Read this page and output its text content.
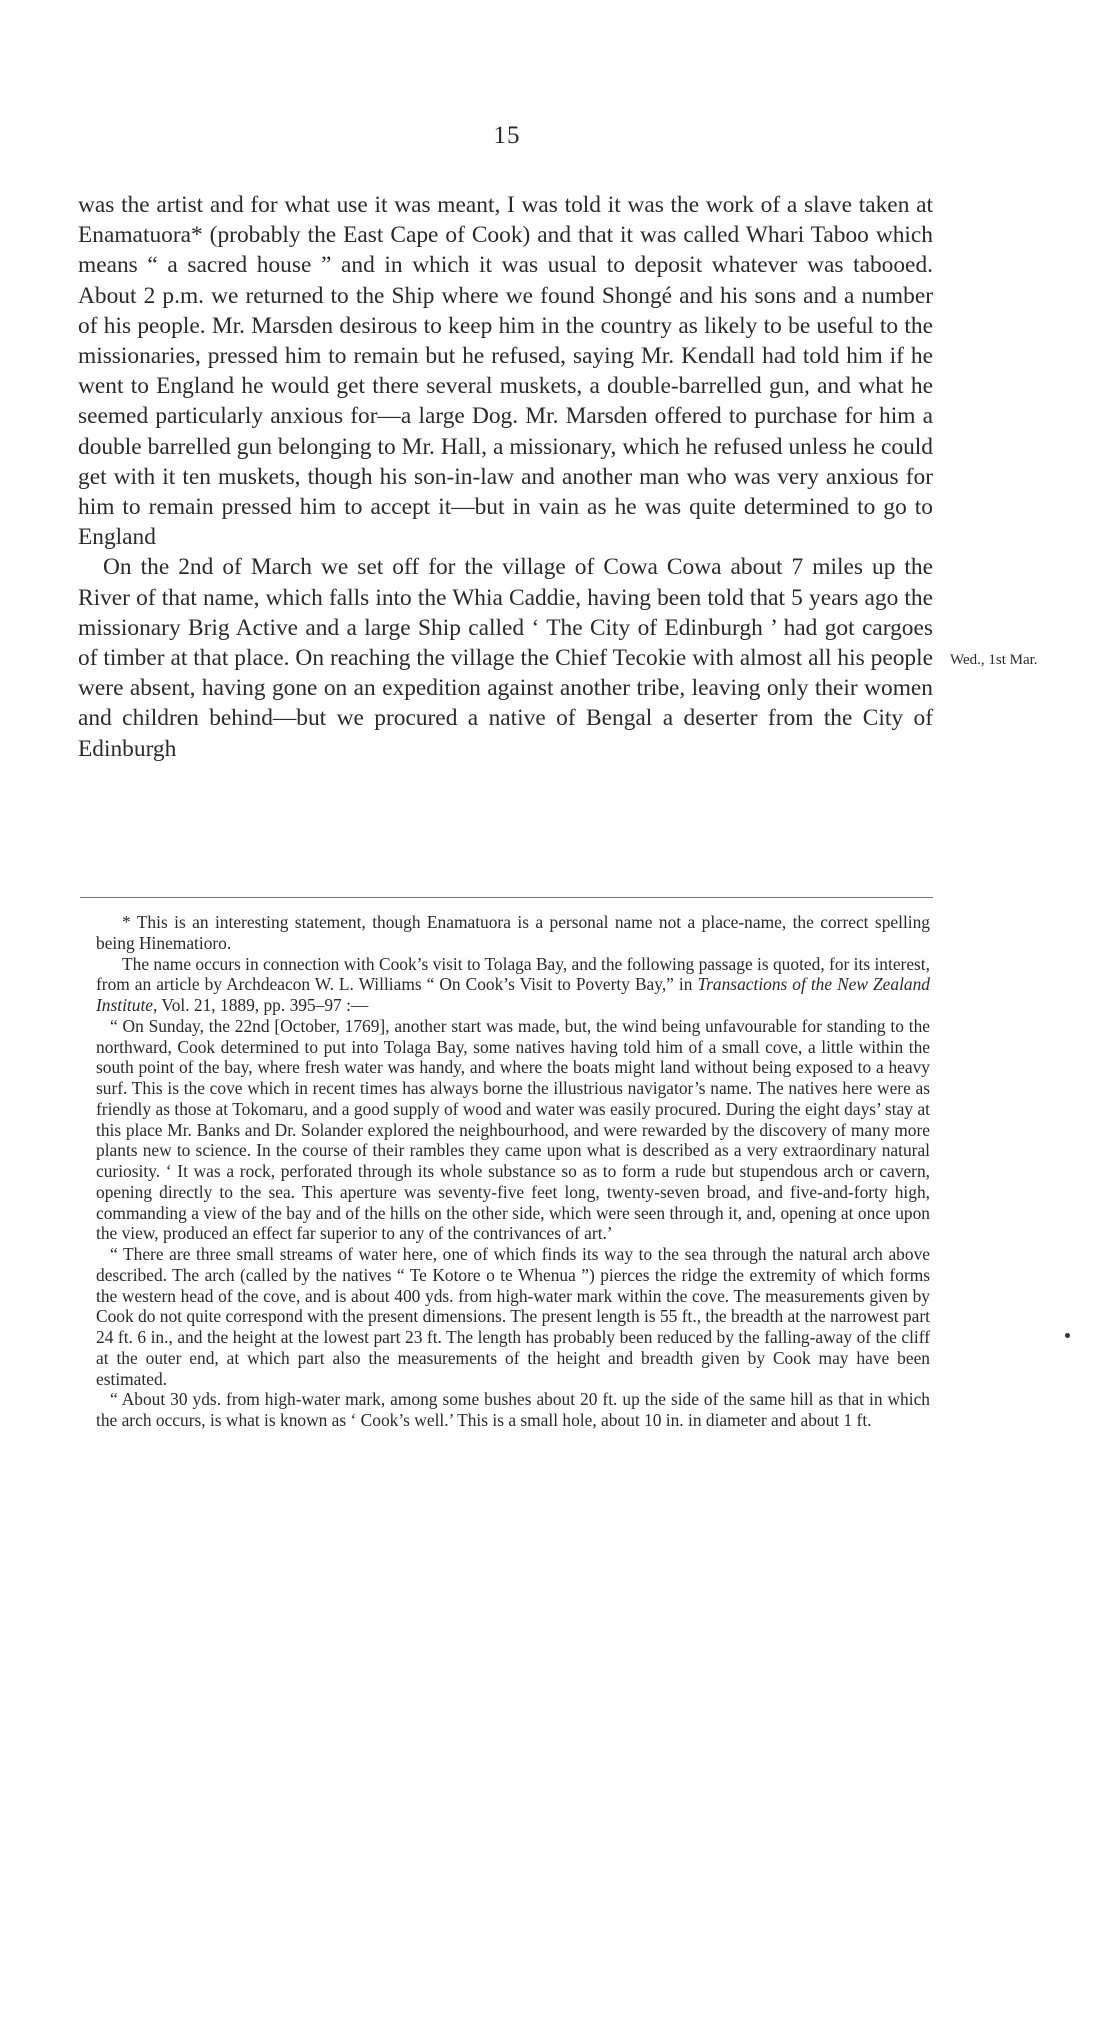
15

was the artist and for what use it was meant, I was told it was the work of a slave taken at Enamatuora* (probably the East Cape of Cook) and that it was called Whari Taboo which means “ a sacred house ” and in which it was usual to deposit whatever was tabooed. About 2 p.m. we returned to the Ship where we found Shongé and his sons and a number of his people. Mr. Marsden desirous to keep him in the country as likely to be useful to the missionaries, pressed him to remain but he refused, saying Mr. Kendall had told him if he went to England he would get there several muskets, a double-barrelled gun, and what he seemed particularly anxious for—a large Dog. Mr. Marsden offered to purchase for him a double barrelled gun belonging to Mr. Hall, a missionary, which he refused unless he could get with it ten muskets, though his son-in-law and another man who was very anxious for him to remain pressed him to accept it—but in vain as he was quite determined to go to England

On the 2nd of March we set off for the village of Cowa Cowa about 7 miles up the River of that name, which falls into the Whia Caddie, having been told that 5 years ago the missionary Brig Active and a large Ship called ‘ The City of Edinburgh ’ had got cargoes of timber at that place. On reaching the village the Chief Tecokie with almost all his people were absent, having gone on an expedition against another tribe, leaving only their women and children behind—but we procured a native of Bengal a deserter from the City of Edinburgh

Wed., 1st Mar.

* This is an interesting statement, though Enamatuora is a personal name not a place-name, the correct spelling being Hinematioro.

The name occurs in connection with Cook’s visit to Tolaga Bay, and the following passage is quoted, for its interest, from an article by Archdeacon W. L. Williams “ On Cook’s Visit to Poverty Bay,” in Transactions of the New Zealand Institute, Vol. 21, 1889, pp. 395–97 :—

“ On Sunday, the 22nd [October, 1769], another start was made, but, the wind being unfavourable for standing to the northward, Cook determined to put into Tolaga Bay, some natives having told him of a small cove, a little within the south point of the bay, where fresh water was handy, and where the boats might land without being exposed to a heavy surf. This is the cove which in recent times has always borne the illustrious navigator’s name. The natives here were as friendly as those at Tokomaru, and a good supply of wood and water was easily procured. During the eight days’ stay at this place Mr. Banks and Dr. Solander explored the neighbourhood, and were rewarded by the discovery of many more plants new to science. In the course of their rambles they came upon what is described as a very extraordinary natural curiosity. ‘ It was a rock, perforated through its whole substance so as to form a rude but stupendous arch or cavern, opening directly to the sea. This aperture was seventy-five feet long, twenty-seven broad, and five-and-forty high, commanding a view of the bay and of the hills on the other side, which were seen through it, and, opening at once upon the view, produced an effect far superior to any of the contrivances of art.’

“ There are three small streams of water here, one of which finds its way to the sea through the natural arch above described. The arch (called by the natives “ Te Kotore o te Whenua ”) pierces the ridge the extremity of which forms the western head of the cove, and is about 400 yds. from high-water mark within the cove. The measurements given by Cook do not quite correspond with the present dimensions. The present length is 55 ft., the breadth at the narrowest part 24 ft. 6 in., and the height at the lowest part 23 ft. The length has probably been reduced by the falling-away of the cliff at the outer end, at which part also the measurements of the height and breadth given by Cook may have been estimated.

“ About 30 yds. from high-water mark, among some bushes about 20 ft. up the side of the same hill as that in which the arch occurs, is what is known as ‘ Cook’s well.’ This is a small hole, about 10 in. in diameter and about 1 ft.
